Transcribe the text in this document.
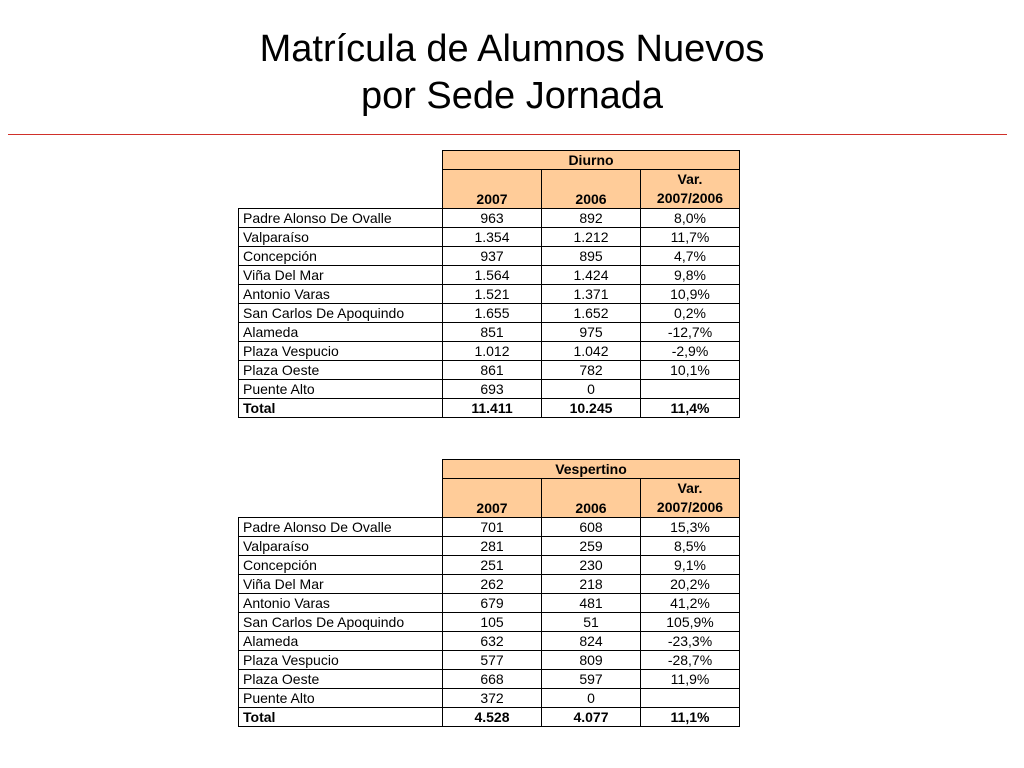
Matrícula de Alumnos Nuevos
por Sede Jornada
	Diurno		
	2007	2006	Var.
2007/2006

Padre Alonso De Ovalle	963	892	8,0%
Valparaíso	1.354	1.212	11,7%
Concepción	937	895	4,7%
Viña Del Mar	1.564	1.424	9,8%
Antonio Varas	1.521	1.371	10,9%
San Carlos De Apoquindo	1.655	1.652	0,2%
Alameda	851	975	-12,7%
Plaza Vespucio	1.012	1.042	-2,9%
Plaza Oeste	861	782	10,1%
Puente Alto	693	0	
Total	11.411	10.245	11,4%
	Vespertino		
	2007	2006	Var.
2007/2006

Padre Alonso De Ovalle	701	608	15,3%
Valparaíso	281	259	8,5%
Concepción	251	230	9,1%
Viña Del Mar	262	218	20,2%
Antonio Varas	679	481	41,2%
San Carlos De Apoquindo	105	51	105,9%
Alameda	632	824	-23,3%
Plaza Vespucio	577	809	-28,7%
Plaza Oeste	668	597	11,9%
Puente Alto	372	0	
Total	4.528	4.077	11,1%
